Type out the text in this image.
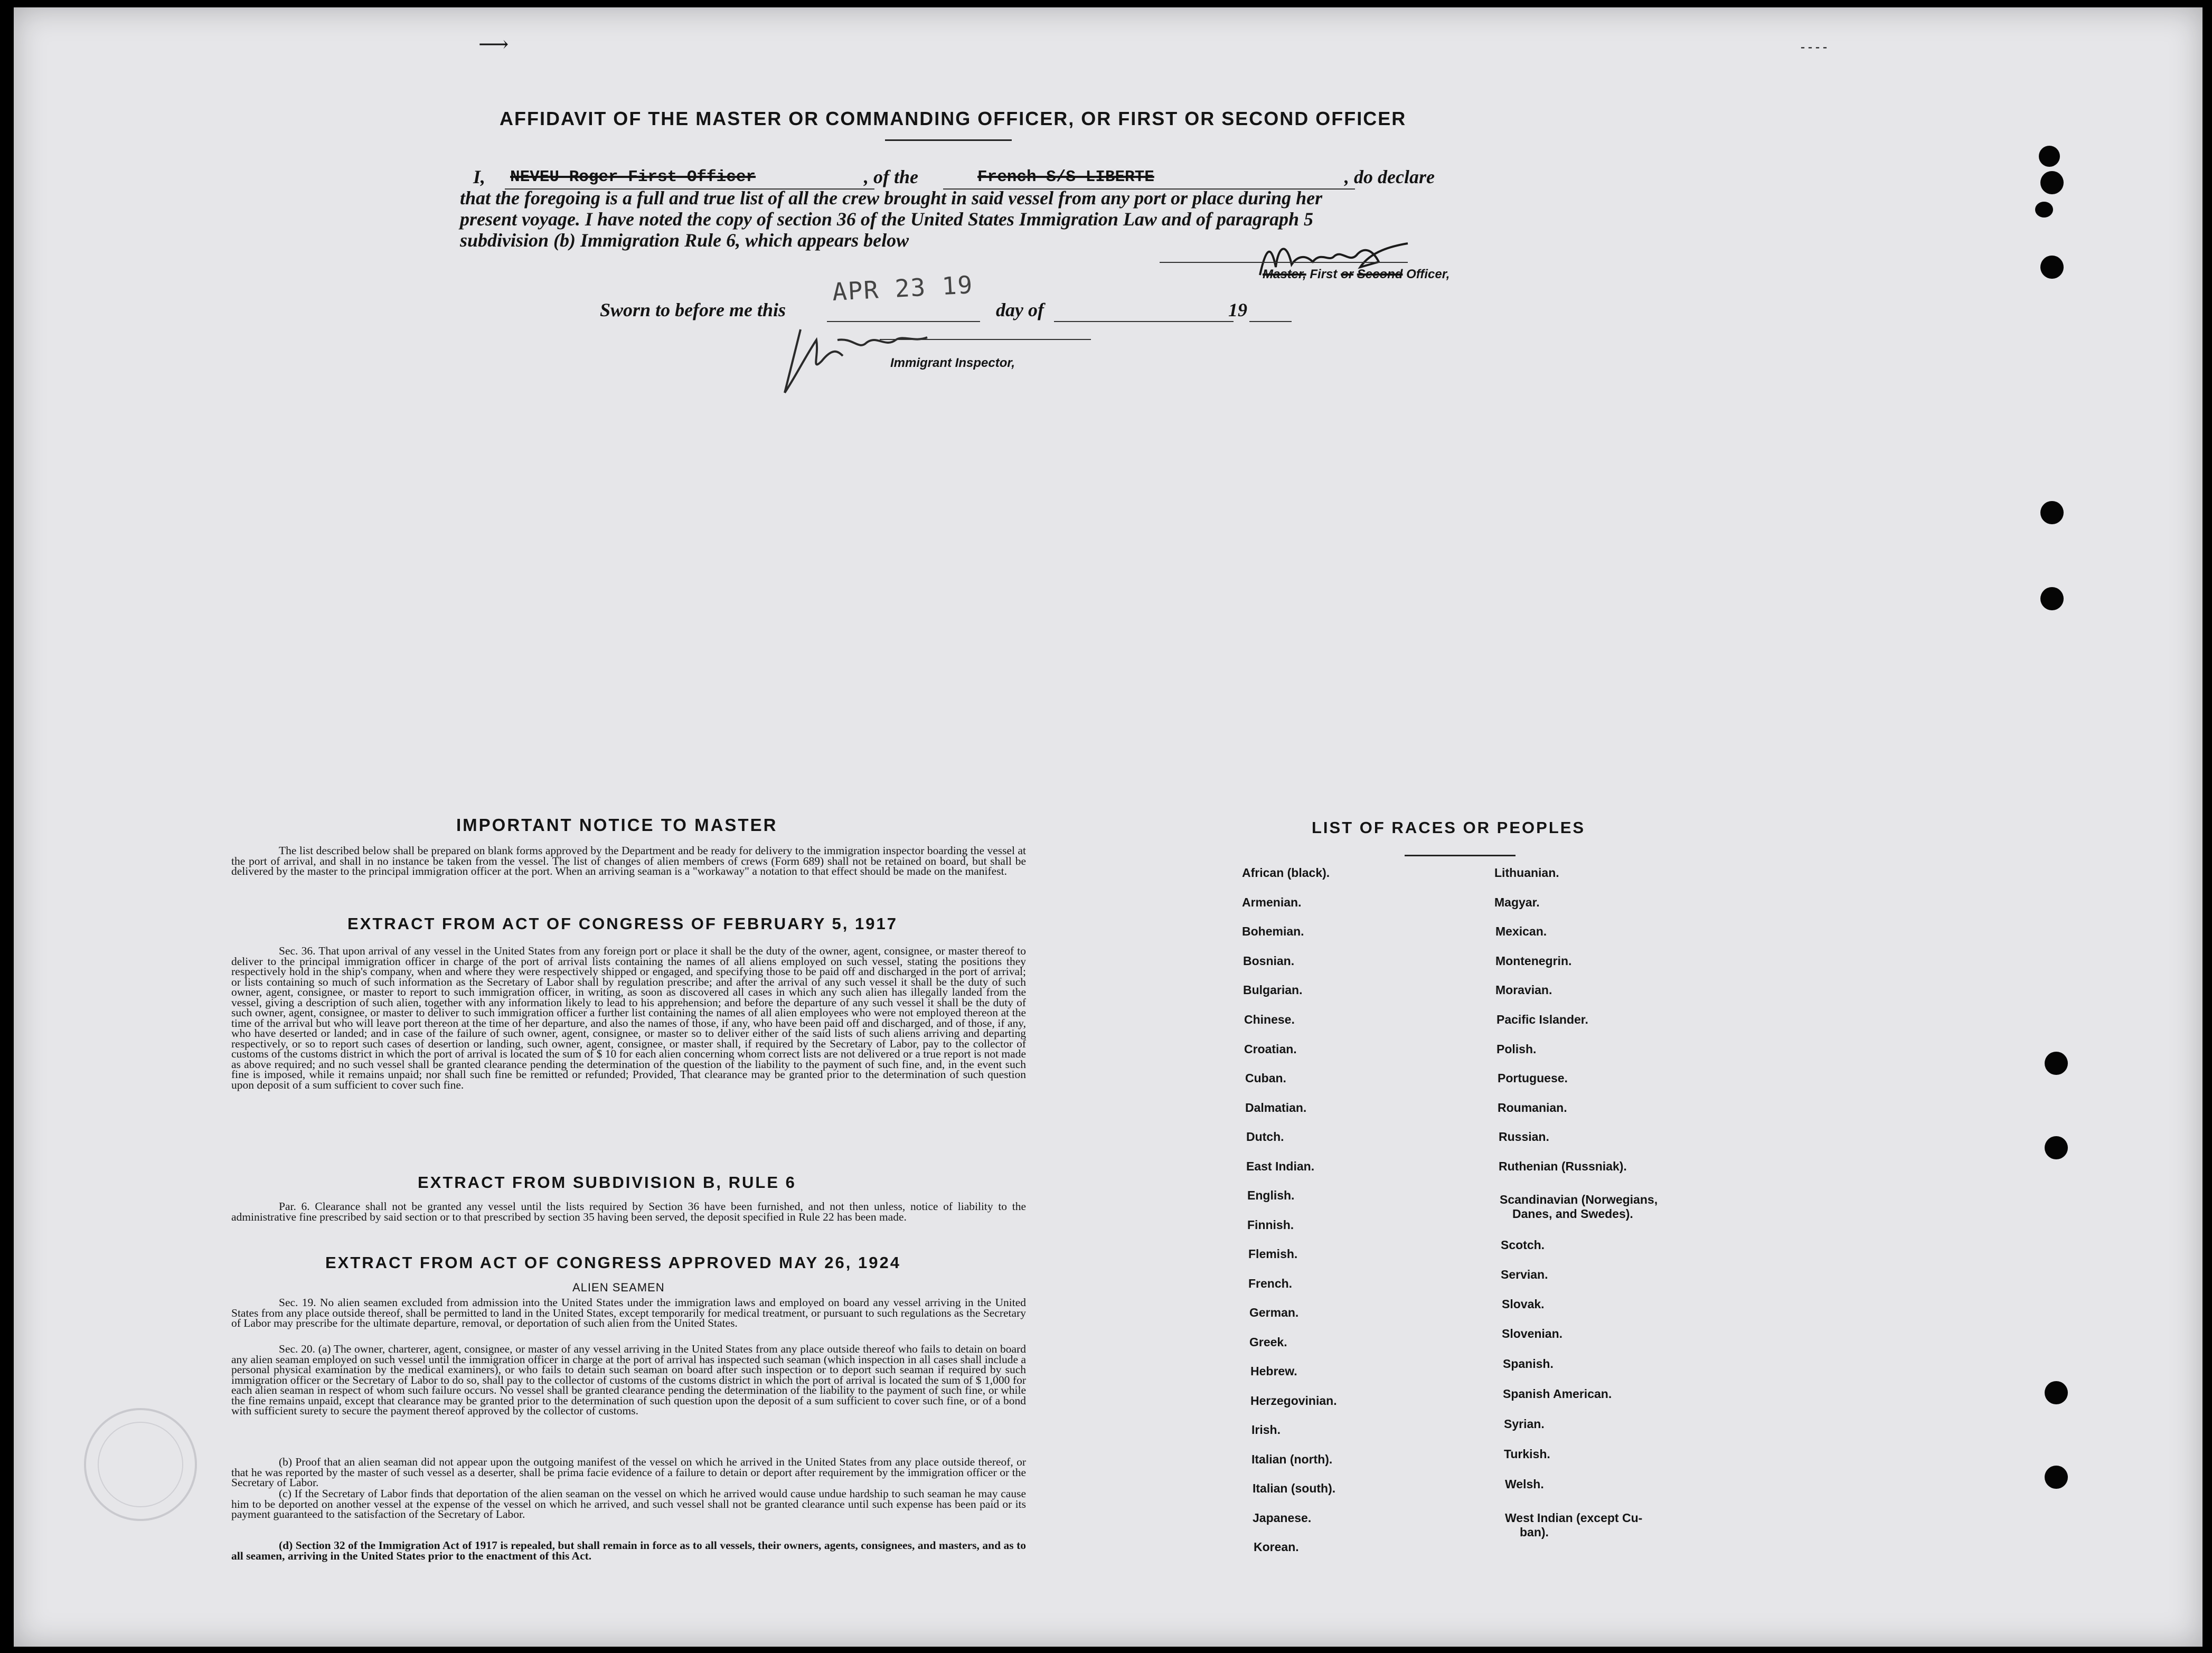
⟶	- - - -
AFFIDAVIT OF THE MASTER OR COMMANDING OFFICER, OR FIRST OR SECOND OFFICER
I, NEVEU Roger First Officer	, of the	French S/S LIBERTE	, do declare
that the foregoing is a full and true list of all the crew brought in said vessel from any port or place during her
present voyage. I have noted the copy of section 36 of the United States Immigration Law and of paragraph 5
subdivision (b) Immigration Rule 6, which appears below
Master, First or Second Officer,
Sworn to before me this
APR 23 19
day of	19
Immigrant Inspector,
IMPORTANT NOTICE TO MASTER
The list described below shall be prepared on blank forms approved by the Department and be ready for delivery to the immigration inspector boarding the vessel at the port of arrival, and shall in no instance be taken from the vessel. The list of changes of alien members of crews (Form 689) shall not be retained on board, but shall be delivered by the master to the principal immigration officer at the port. When an arriving seaman is a "workaway" a notation to that effect should be made on the manifest.
EXTRACT FROM ACT OF CONGRESS OF FEBRUARY 5, 1917
Sec. 36. That upon arrival of any vessel in the United States from any foreign port or place it shall be the duty of the owner, agent, consignee, or master thereof to deliver to the principal immigration officer in charge of the port of arrival lists containing the names of all aliens employed on such vessel, stating the positions they respectively hold in the ship's company, when and where they were respectively shipped or engaged, and specifying those to be paid off and discharged in the port of arrival; or lists containing so much of such information as the Secretary of Labor shall by regulation prescribe; and after the arrival of any such vessel it shall be the duty of such owner, agent, consignee, or master to report to such immigration officer, in writing, as soon as discovered all cases in which any such alien has illegally landed from the vessel, giving a description of such alien, together with any information likely to lead to his apprehension; and before the departure of any such vessel it shall be the duty of such owner, agent, consignee, or master to deliver to such immigration officer a further list containing the names of all alien employees who were not employed thereon at the time of the arrival but who will leave port thereon at the time of her departure, and also the names of those, if any, who have been paid off and discharged, and of those, if any, who have deserted or landed; and in case of the failure of such owner, agent, consignee, or master so to deliver either of the said lists of such aliens arriving and departing respectively, or so to report such cases of desertion or landing, such owner, agent, consignee, or master shall, if required by the Secretary of Labor, pay to the collector of customs of the customs district in which the port of arrival is located the sum of $ 10 for each alien concerning whom correct lists are not delivered or a true report is not made as above required; and no such vessel shall be granted clearance pending the determination of the question of the liability to the payment of such fine, and, in the event such fine is imposed, while it remains unpaid; nor shall such fine be remitted or refunded; Provided, That clearance may be granted prior to the determination of such question upon deposit of a sum sufficient to cover such fine.
EXTRACT FROM SUBDIVISION B, RULE 6
Par. 6. Clearance shall not be granted any vessel until the lists required by Section 36 have been furnished, and not then unless, notice of liability to the administrative fine prescribed by said section or to that prescribed by section 35 having been served, the deposit specified in Rule 22 has been made.
EXTRACT FROM ACT OF CONGRESS APPROVED MAY 26, 1924
ALIEN SEAMEN
Sec. 19. No alien seamen excluded from admission into the United States under the immigration laws and employed on board any vessel arriving in the United States from any place outside thereof, shall be permitted to land in the United States, except temporarily for medical treatment, or pursuant to such regulations as the Secretary of Labor may prescribe for the ultimate departure, removal, or deportation of such alien from the United States.
Sec. 20. (a) The owner, charterer, agent, consignee, or master of any vessel arriving in the United States from any place outside thereof who fails to detain on board any alien seaman employed on such vessel until the immigration officer in charge at the port of arrival has inspected such seaman (which inspection in all cases shall include a personal physical examination by the medical examiners), or who fails to detain such seaman on board after such inspection or to deport such seaman if required by such immigration officer or the Secretary of Labor to do so, shall pay to the collector of customs of the customs district in which the port of arrival is located the sum of $ 1,000 for each alien seaman in respect of whom such failure occurs. No vessel shall be granted clearance pending the determination of the liability to the payment of such fine, or while the fine remains unpaid, except that clearance may be granted prior to the determination of such question upon the deposit of a sum sufficient to cover such fine, or of a bond with sufficient surety to secure the payment thereof approved by the collector of customs.
(b) Proof that an alien seaman did not appear upon the outgoing manifest of the vessel on which he arrived in the United States from any place outside thereof, or that he was reported by the master of such vessel as a deserter, shall be prima facie evidence of a failure to detain or deport after requirement by the immigration officer or the Secretary of Labor.
(c) If the Secretary of Labor finds that deportation of the alien seaman on the vessel on which he arrived would cause undue hardship to such seaman he may cause him to be deported on another vessel at the expense of the vessel on which he arrived, and such vessel shall not be granted clearance until such expense has been paid or its payment guaranteed to the satisfaction of the Secretary of Labor.
(d) Section 32 of the Immigration Act of 1917 is repealed, but shall remain in force as to all vessels, their owners, agents, consignees, and masters, and as to all seamen, arriving in the United States prior to the enactment of this Act.
LIST OF RACES OR PEOPLES
African (black).
Armenian.
Bohemian.
Bosnian.
Bulgarian.
Chinese.
Croatian.
Cuban.
Dalmatian.
Dutch.
East Indian.
English.
Finnish.
Flemish.
French.
German.
Greek.
Hebrew.
Herzegovinian.
Irish.
Italian (north).
Italian (south).
Japanese.
Korean.
Lithuanian.
Magyar.
Mexican.
Montenegrin.
Moravian.
Pacific Islander.
Polish.
Portuguese.
Roumanian.
Russian.
Ruthenian (Russniak).
Scandinavian (Norwegians,
Danes, and Swedes).
Scotch.
Servian.
Slovak.
Slovenian.
Spanish.
Spanish American.
Syrian.
Turkish.
Welsh.
West Indian (except Cu-
ban).
